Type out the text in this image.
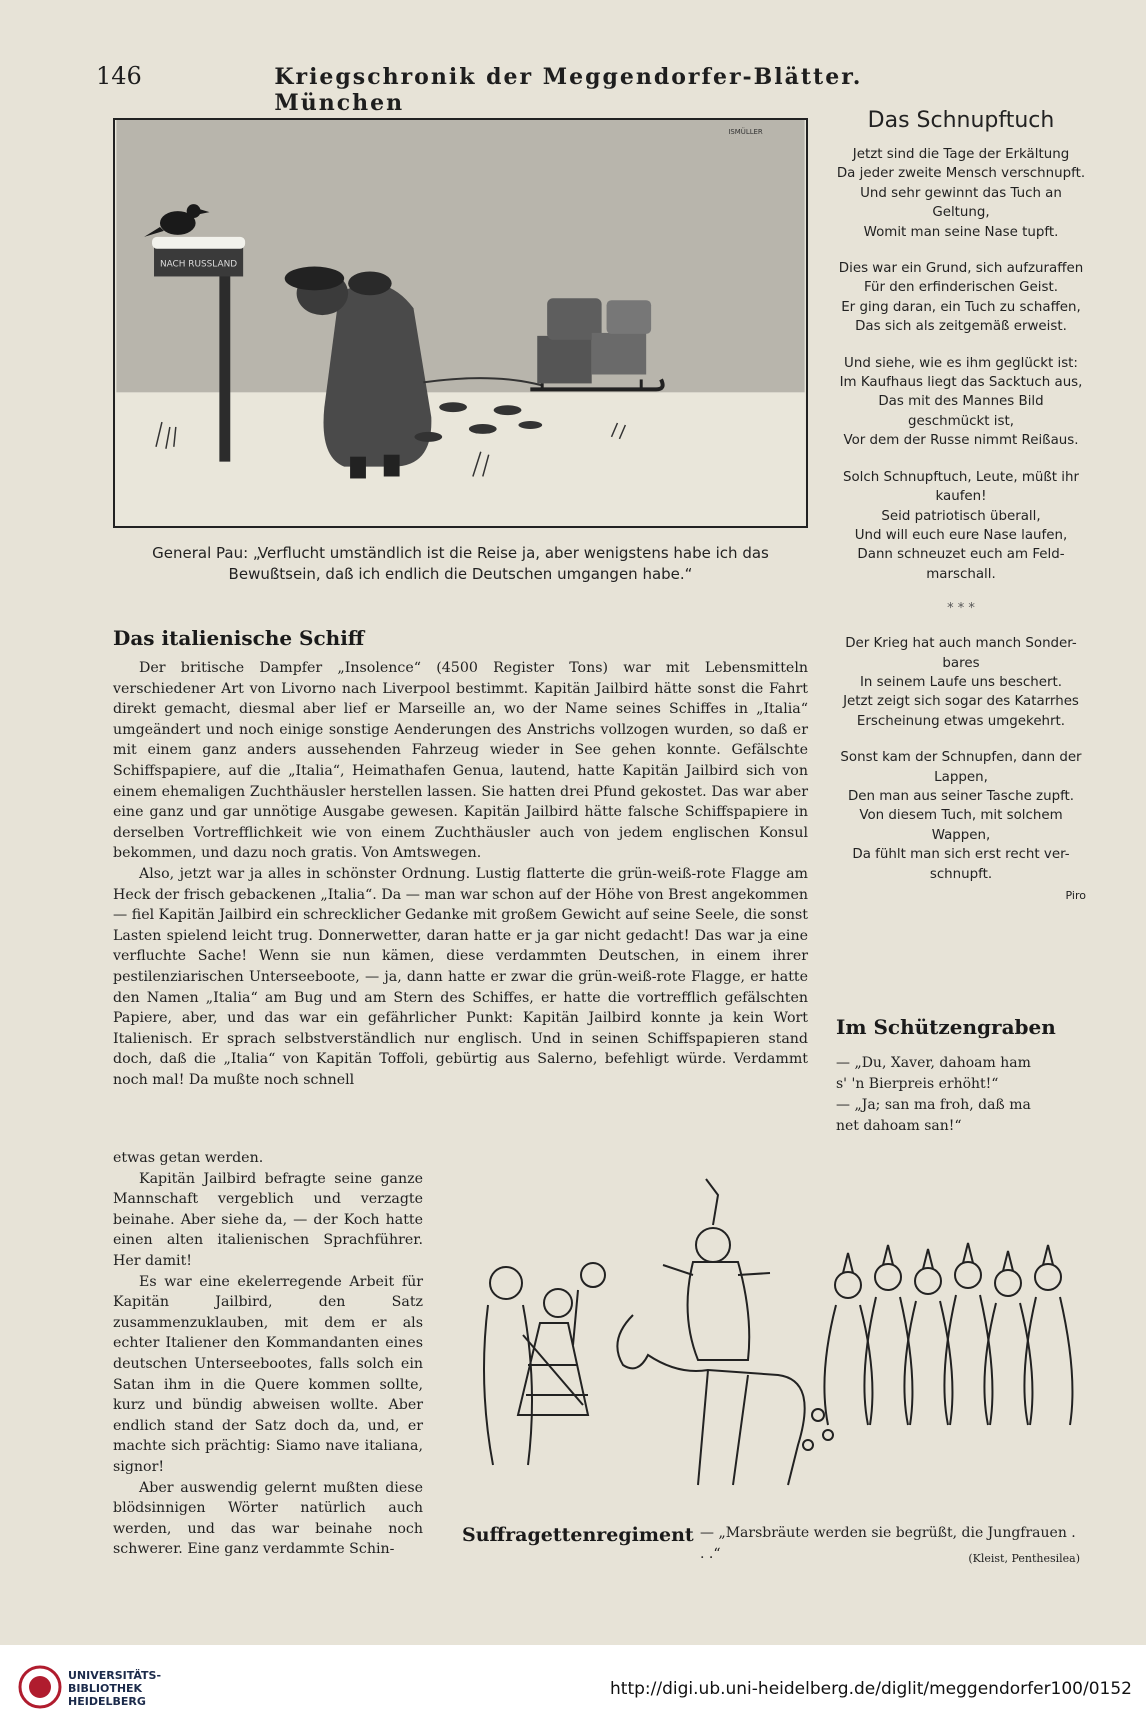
146	Kriegschronik der Meggendorfer-Blätter. München
ISMÜLLER
NACH RUSSLAND
General Pau: „Verflucht umständlich ist die Reise ja, aber wenigstens habe ich das Bewußtsein, daß ich endlich die Deutschen umgangen habe.“
Das italienische Schiff

Der britische Dampfer „Insolence“ (4500 Register Tons) war mit Lebensmitteln verschiedener Art von Livorno nach Liverpool bestimmt. Kapitän Jailbird hätte sonst die Fahrt direkt gemacht, diesmal aber lief er Marseille an, wo der Name seines Schiffes in „Italia“ umgeändert und noch einige sonstige Aenderungen des Anstrichs vollzogen wurden, so daß er mit einem ganz anders aussehenden Fahrzeug wieder in See gehen konnte. Gefälschte Schiffspapiere, auf die „Italia“, Heimathafen Genua, lautend, hatte Kapitän Jailbird sich von einem ehemaligen Zuchthäusler herstellen lassen. Sie hatten drei Pfund gekostet. Das war aber eine ganz und gar unnötige Ausgabe gewesen. Kapitän Jailbird hätte falsche Schiffspapiere in derselben Vortrefflichkeit wie von einem Zuchthäusler auch von jedem englischen Konsul bekommen, und dazu noch gratis. Von Amtswegen.

Also, jetzt war ja alles in schönster Ordnung. Lustig flatterte die grün-weiß-rote Flagge am Heck der frisch gebackenen „Italia“. Da — man war schon auf der Höhe von Brest angekommen — fiel Kapitän Jailbird ein schrecklicher Gedanke mit großem Gewicht auf seine Seele, die sonst Lasten spielend leicht trug. Donnerwetter, daran hatte er ja gar nicht gedacht! Das war ja eine verfluchte Sache! Wenn sie nun kämen, diese verdammten Deutschen, in einem ihrer pestilenziarischen Unterseeboote, — ja, dann hatte er zwar die grün-weiß-rote Flagge, er hatte den Namen „Italia“ am Bug und am Stern des Schiffes, er hatte die vortrefflich gefälschten Papiere, aber, und das war ein gefährlicher Punkt: Kapitän Jailbird konnte ja kein Wort Italienisch. Er sprach selbstverständlich nur englisch. Und in seinen Schiffspapieren stand doch, daß die „Italia“ von Kapitän Toffoli, gebürtig aus Salerno, befehligt würde. Verdammt noch mal! Da mußte noch schnell

etwas getan werden.

Kapitän Jailbird befragte seine ganze Mannschaft vergeblich und verzagte beinahe. Aber siehe da, — der Koch hatte einen alten italienischen Sprachführer. Her damit!

Es war eine ekelerregende Arbeit für Kapitän Jailbird, den Satz zusammenzuklauben, mit dem er als echter Italiener den Kommandanten eines deutschen Unterseebootes, falls solch ein Satan ihm in die Quere kommen sollte, kurz und bündig abweisen wollte. Aber endlich stand der Satz doch da, und, er machte sich prächtig: Siamo nave italiana, signor!

Aber auswendig gelernt mußten diese blödsinnigen Wörter natürlich auch werden, und das war beinahe noch schwerer. Eine ganz verdammte Schin-

Das Schnupftuch
Jetzt sind die Tage der Erkältung
Da jeder zweite Mensch verschnupft.
Und sehr gewinnt das Tuch an
Geltung,
Womit man seine Nase tupft.
Dies war ein Grund, sich aufzuraffen
Für den erfinderischen Geist.
Er ging daran, ein Tuch zu schaffen,
Das sich als zeitgemäß erweist.
Und siehe, wie es ihm geglückt ist:
Im Kaufhaus liegt das Sacktuch aus,
Das mit des Mannes Bild
geschmückt ist,
Vor dem der Russe nimmt Reißaus.
Solch Schnupftuch, Leute, müßt ihr
kaufen!
Seid patriotisch überall,
Und will euch eure Nase laufen,
Dann schneuzet euch am Feld-
marschall.
* * *
Der Krieg hat auch manch Sonder-
bares
In seinem Laufe uns beschert.
Jetzt zeigt sich sogar des Katarrhes
Erscheinung etwas umgekehrt.
Sonst kam der Schnupfen, dann der
Lappen,
Den man aus seiner Tasche zupft.
Von diesem Tuch, mit solchem
Wappen,
Da fühlt man sich erst recht ver-
schnupft.
Piro
Im Schützengraben
— „Du, Xaver, dahoam ham
s' 'n Bierpreis erhöht!“
— „Ja; san ma froh, daß ma
net dahoam san!“
Suffragettenregiment — „Marsbräute werden sie begrüßt, die Jungfrauen . . .“	(Kleist, Penthesilea)
UNIVERSITÄTS-
BIBLIOTHEK
HEIDELBERG
http://digi.ub.uni-heidelberg.de/diglit/meggendorfer100/0152
